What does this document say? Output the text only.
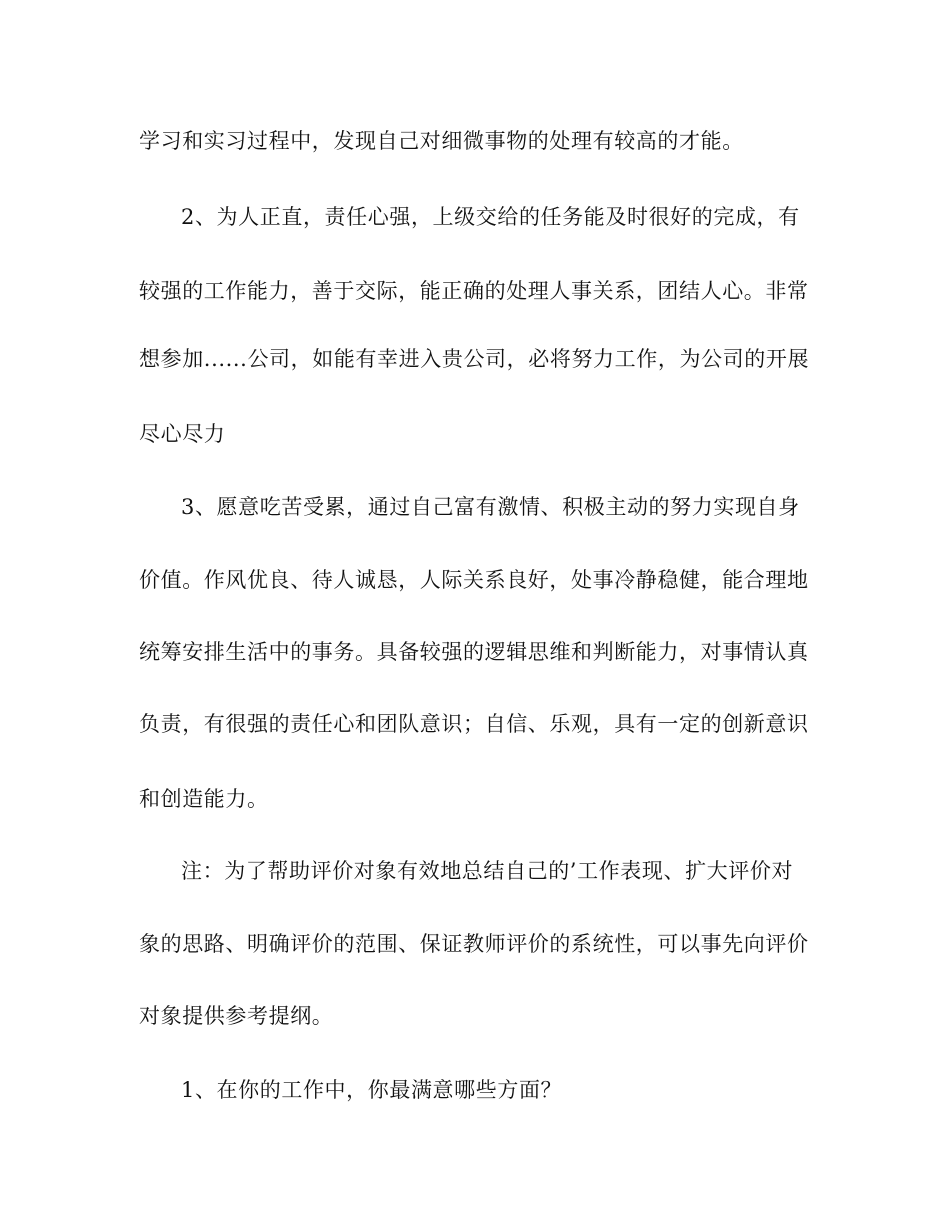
学习和实习过程中，发现自己对细微事物的处理有较高的才能。
2、为人正直，责任心强，上级交给的任务能及时很好的完成，有
较强的工作能力，善于交际，能正确的处理人事关系，团结人心。非常
想参加......公司，如能有幸进入贵公司，必将努力工作，为公司的开展
尽心尽力
3、愿意吃苦受累，通过自己富有激情、积极主动的努力实现自身
价值。作风优良、待人诚恳，人际关系良好，处事冷静稳健，能合理地
统筹安排生活中的事务。具备较强的逻辑思维和判断能力，对事情认真
负责，有很强的责任心和团队意识；自信、乐观，具有一定的创新意识
和创造能力。
注：为了帮助评价对象有效地总结自己的’工作表现、扩大评价对
象的思路、明确评价的范围、保证教师评价的系统性，可以事先向评价
对象提供参考提纲。
1、在你的工作中，你最满意哪些方面？
